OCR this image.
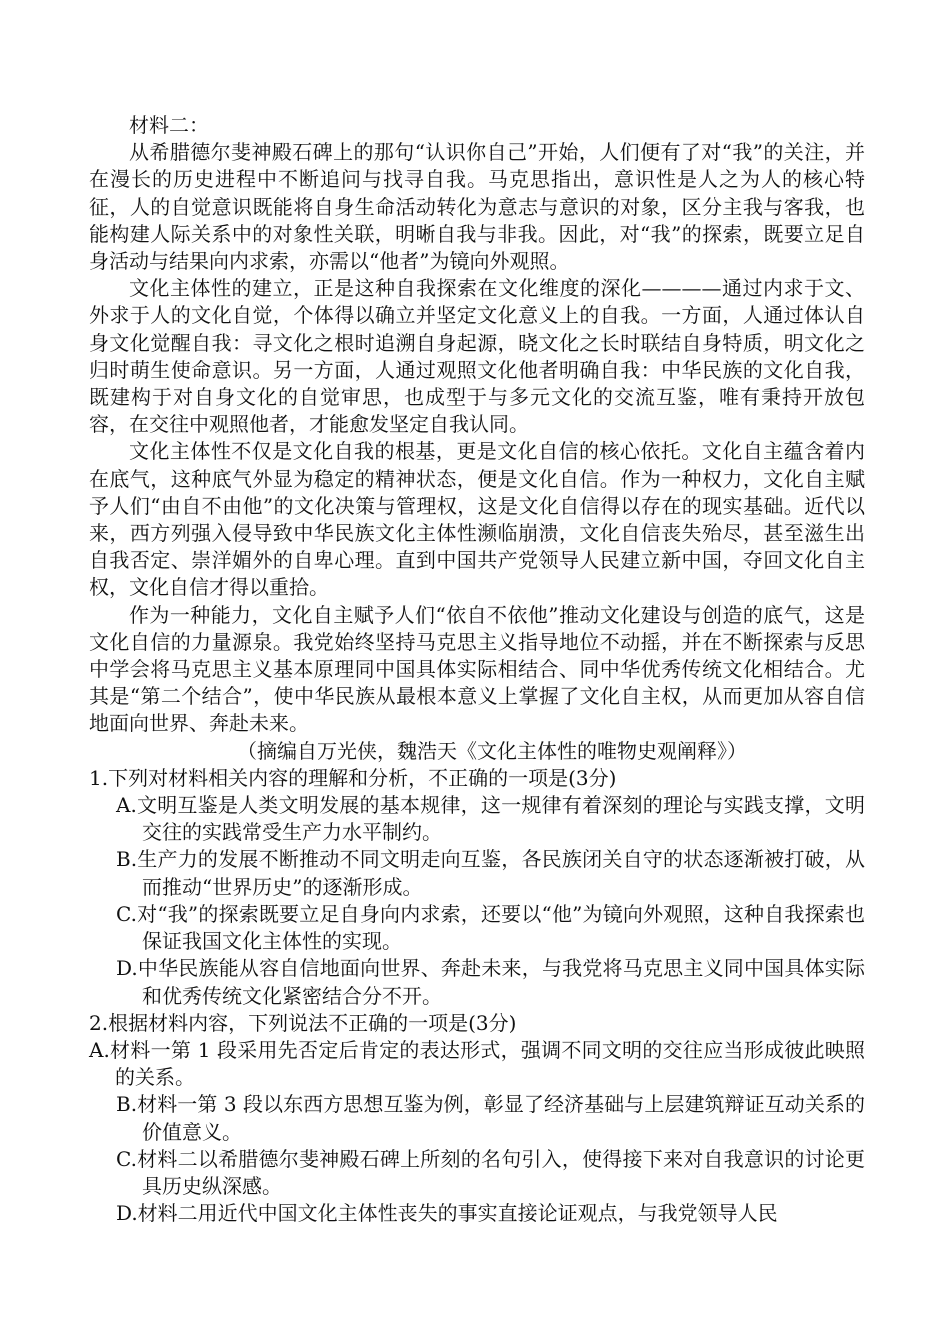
材料二：

从希腊德尔斐神殿石碑上的那句“认识你自己”开始，人们便有了对“我”的关注，并在漫长的历史进程中不断追问与找寻自我。马克思指出，意识性是人之为人的核心特征，人的自觉意识既能将自身生命活动转化为意志与意识的对象，区分主我与客我，也能构建人际关系中的对象性关联，明晰自我与非我。因此，对“我”的探索，既要立足自身活动与结果向内求索，亦需以“他者”为镜向外观照。

文化主体性的建立，正是这种自我探索在文化维度的深化————通过内求于文、外求于人的文化自觉，个体得以确立并坚定文化意义上的自我。一方面，人通过体认自身文化觉醒自我：寻文化之根时追溯自身起源，晓文化之长时联结自身特质，明文化之归时萌生使命意识。另一方面，人通过观照文化他者明确自我：中华民族的文化自我，既建构于对自身文化的自觉审思，也成型于与多元文化的交流互鉴，唯有秉持开放包容，在交往中观照他者，才能愈发坚定自我认同。

文化主体性不仅是文化自我的根基，更是文化自信的核心依托。文化自主蕴含着内在底气，这种底气外显为稳定的精神状态，便是文化自信。作为一种权力，文化自主赋予人们“由自不由他”的文化决策与管理权，这是文化自信得以存在的现实基础。近代以来，西方列强入侵导致中华民族文化主体性濒临崩溃，文化自信丧失殆尽，甚至滋生出自我否定、崇洋媚外的自卑心理。直到中国共产党领导人民建立新中国，夺回文化自主权，文化自信才得以重拾。

作为一种能力，文化自主赋予人们“依自不依他”推动文化建设与创造的底气，这是文化自信的力量源泉。我党始终坚持马克思主义指导地位不动摇，并在不断探索与反思中学会将马克思主义基本原理同中国具体实际相结合、同中华优秀传统文化相结合。尤其是“第二个结合”，使中华民族从最根本意义上掌握了文化自主权，从而更加从容自信地面向世界、奔赴未来。

（摘编自万光侠，魏浩天《文化主体性的唯物史观阐释》）

1.下列对材料相关内容的理解和分析，不正确的一项是(3分)

A.文明互鉴是人类文明发展的基本规律，这一规律有着深刻的理论与实践支撑，文明交往的实践常受生产力水平制约。

B.生产力的发展不断推动不同文明走向互鉴，各民族闭关自守的状态逐渐被打破，从而推动“世界历史”的逐渐形成。

C.对“我”的探索既要立足自身向内求索，还要以“他”为镜向外观照，这种自我探索也保证我国文化主体性的实现。

D.中华民族能从容自信地面向世界、奔赴未来，与我党将马克思主义同中国具体实际和优秀传统文化紧密结合分不开。

2.根据材料内容，下列说法不正确的一项是(3分)

A.材料一第 1 段采用先否定后肯定的表达形式，强调不同文明的交往应当形成彼此映照的关系。

B.材料一第 3 段以东西方思想互鉴为例，彰显了经济基础与上层建筑辩证互动关系的价值意义。

C.材料二以希腊德尔斐神殿石碑上所刻的名句引入，使得接下来对自我意识的讨论更具历史纵深感。

D.材料二用近代中国文化主体性丧失的事实直接论证观点，与我党领导人民
